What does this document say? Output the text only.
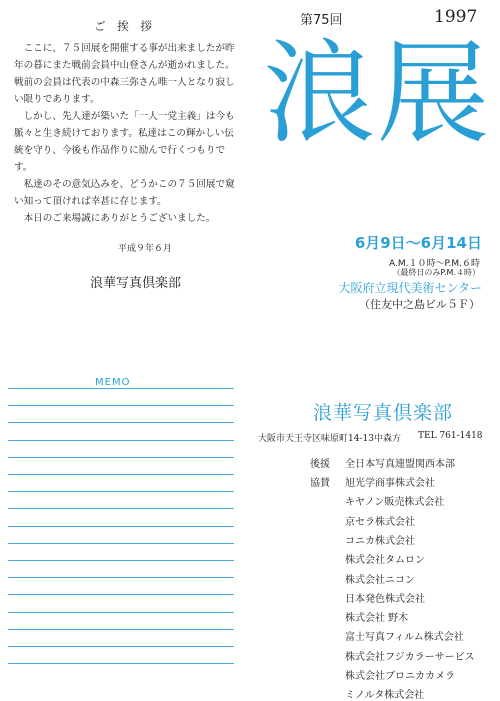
ご 挨 拶

ここに、７５回展を開催する事が出来ましたが昨年の暮にまた戦前会員中山登さんが逝かれました。戦前の会員は代表の中森三弥さん唯一人となり寂しい限りであります。

しかし、先人達が築いた「一人一党主義」は今も脈々と生き続けております。私達はこの輝かしい伝統を守り、今後も作品作りに励んで行くつもりです。

私達のその意気込みを、どうかこの７５回展で窺い知って頂ければ幸甚に存じます。

本日のご来場誠にありがとうございました。

平成９年６月
浪華写真倶楽部
MEMO
第75回	1997
浪 展
6月9日～6月14日
A.M.１０時～P.M.６時
（最終日のみP.M.４時）
大阪府立現代美術センター
（住友中之島ビル５Ｆ）
浪華写真倶楽部
大阪市天王寺区味原町14-13中森方 TEL 761-1418
後援 全日本写真連盟関西本部
協賛 旭光学商事株式会社
キヤノン販売株式会社
京セラ株式会社
コニカ株式会社
株式会社タムロン
株式会社ニコン
日本発色株式会社
株式会社 野木
富士写真フィルム株式会社
株式会社フジカラーサービス
株式会社ブロニカカメラ
ミノルタ株式会社
